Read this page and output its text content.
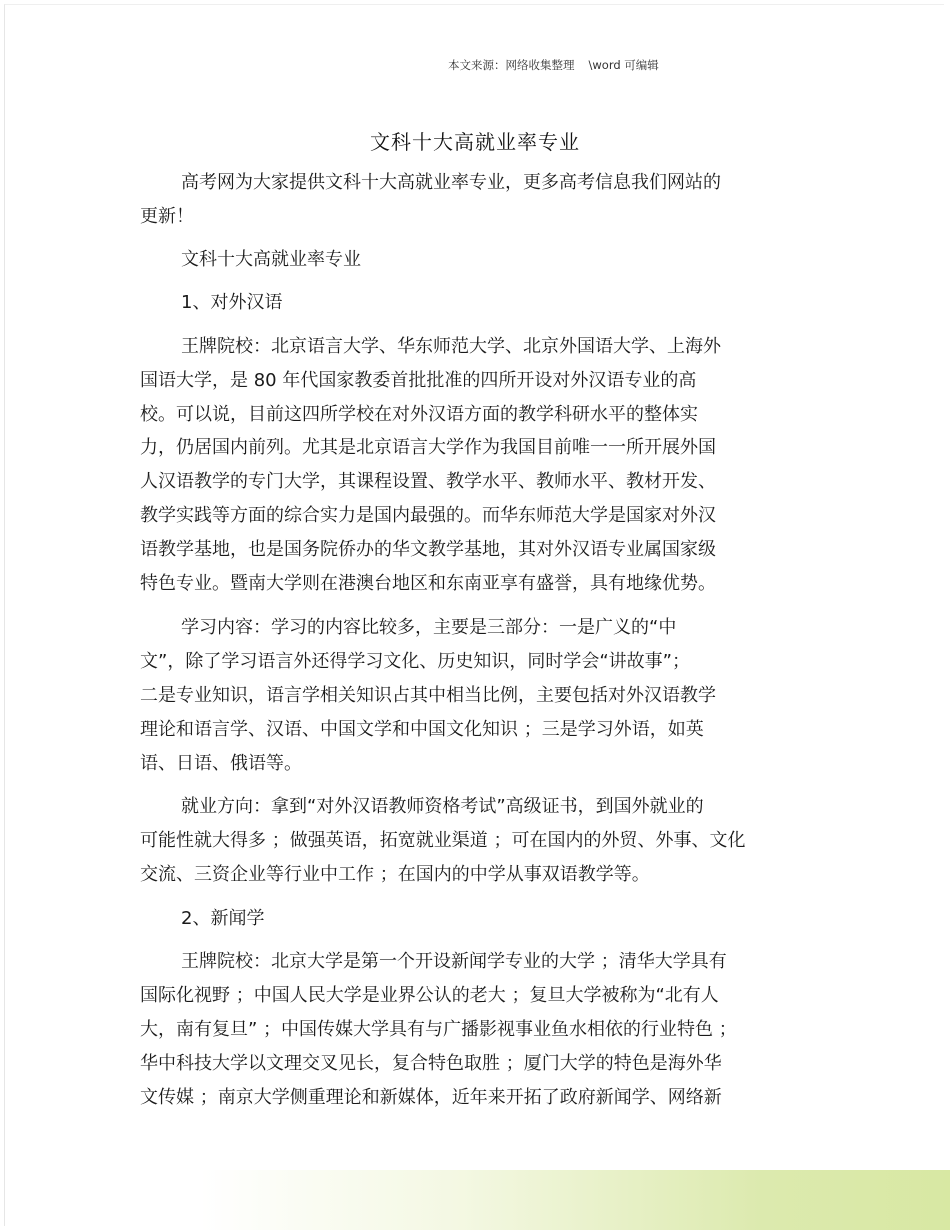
本文来源：网络收集整理 \word 可编辑
文科十大高就业率专业
高考网为大家提供文科十大高就业率专业，更多高考信息我们网站的
更新！
文科十大高就业率专业
1、对外汉语
王牌院校：北京语言大学、华东师范大学、北京外国语大学、上海外
国语大学，是 80 年代国家教委首批批准的四所开设对外汉语专业的高
校。可以说，目前这四所学校在对外汉语方面的教学科研水平的整体实
力，仍居国内前列。尤其是北京语言大学作为我国目前唯一一所开展外国
人汉语教学的专门大学，其课程设置、教学水平、教师水平、教材开发、
教学实践等方面的综合实力是国内最强的。而华东师范大学是国家对外汉
语教学基地，也是国务院侨办的华文教学基地，其对外汉语专业属国家级
特色专业。暨南大学则在港澳台地区和东南亚享有盛誉，具有地缘优势。
学习内容：学习的内容比较多，主要是三部分：一是广义的“中
文”，除了学习语言外还得学习文化、历史知识，同时学会“讲故事”；
二是专业知识，语言学相关知识占其中相当比例，主要包括对外汉语教学
理论和语言学、汉语、中国文学和中国文化知识 ；三是学习外语，如英
语、日语、俄语等。
就业方向：拿到“对外汉语教师资格考试”高级证书，到国外就业的
可能性就大得多 ；做强英语，拓宽就业渠道 ；可在国内的外贸、外事、文化
交流、三资企业等行业中工作 ；在国内的中学从事双语教学等。
2、新闻学
王牌院校：北京大学是第一个开设新闻学专业的大学 ；清华大学具有
国际化视野 ；中国人民大学是业界公认的老大 ；复旦大学被称为“北有人
大，南有复旦” ；中国传媒大学具有与广播影视事业鱼水相依的行业特色 ；
华中科技大学以文理交叉见长，复合特色取胜 ；厦门大学的特色是海外华
文传媒 ；南京大学侧重理论和新媒体，近年来开拓了政府新闻学、网络新
